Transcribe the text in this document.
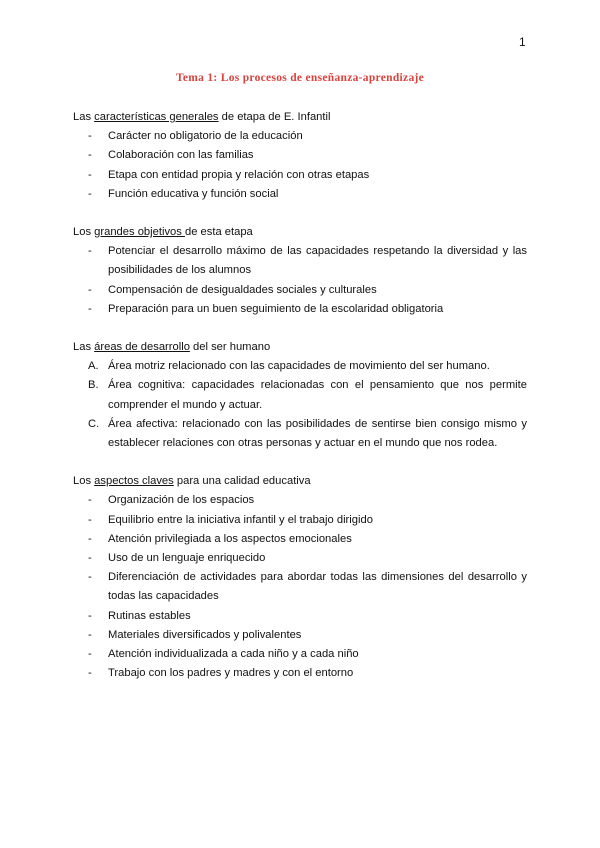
1
Tema 1: Los procesos de enseñanza-aprendizaje

Las características generales de etapa de E. Infantil

- Carácter no obligatorio de la educación
- Colaboración con las familias
- Etapa con entidad propia y relación con otras etapas
- Función educativa y función social

Los grandes objetivos de esta etapa

- Potenciar el desarrollo máximo de las capacidades respetando la diversidad y las posibilidades de los alumnos
- Compensación de desigualdades sociales y culturales
- Preparación para un buen seguimiento de la escolaridad obligatoria

Las áreas de desarrollo del ser humano

A. Área motriz relacionado con las capacidades de movimiento del ser humano.
B. Área cognitiva: capacidades relacionadas con el pensamiento que nos permite comprender el mundo y actuar.
C. Área afectiva: relacionado con las posibilidades de sentirse bien consigo mismo y establecer relaciones con otras personas y actuar en el mundo que nos rodea.

Los aspectos claves para una calidad educativa

- Organización de los espacios
- Equilibrio entre la iniciativa infantil y el trabajo dirigido
- Atención privilegiada a los aspectos emocionales
- Uso de un lenguaje enriquecido
- Diferenciación de actividades para abordar todas las dimensiones del desarrollo y todas las capacidades
- Rutinas estables
- Materiales diversificados y polivalentes
- Atención individualizada a cada niño y a cada niño
- Trabajo con los padres y madres y con el entorno
